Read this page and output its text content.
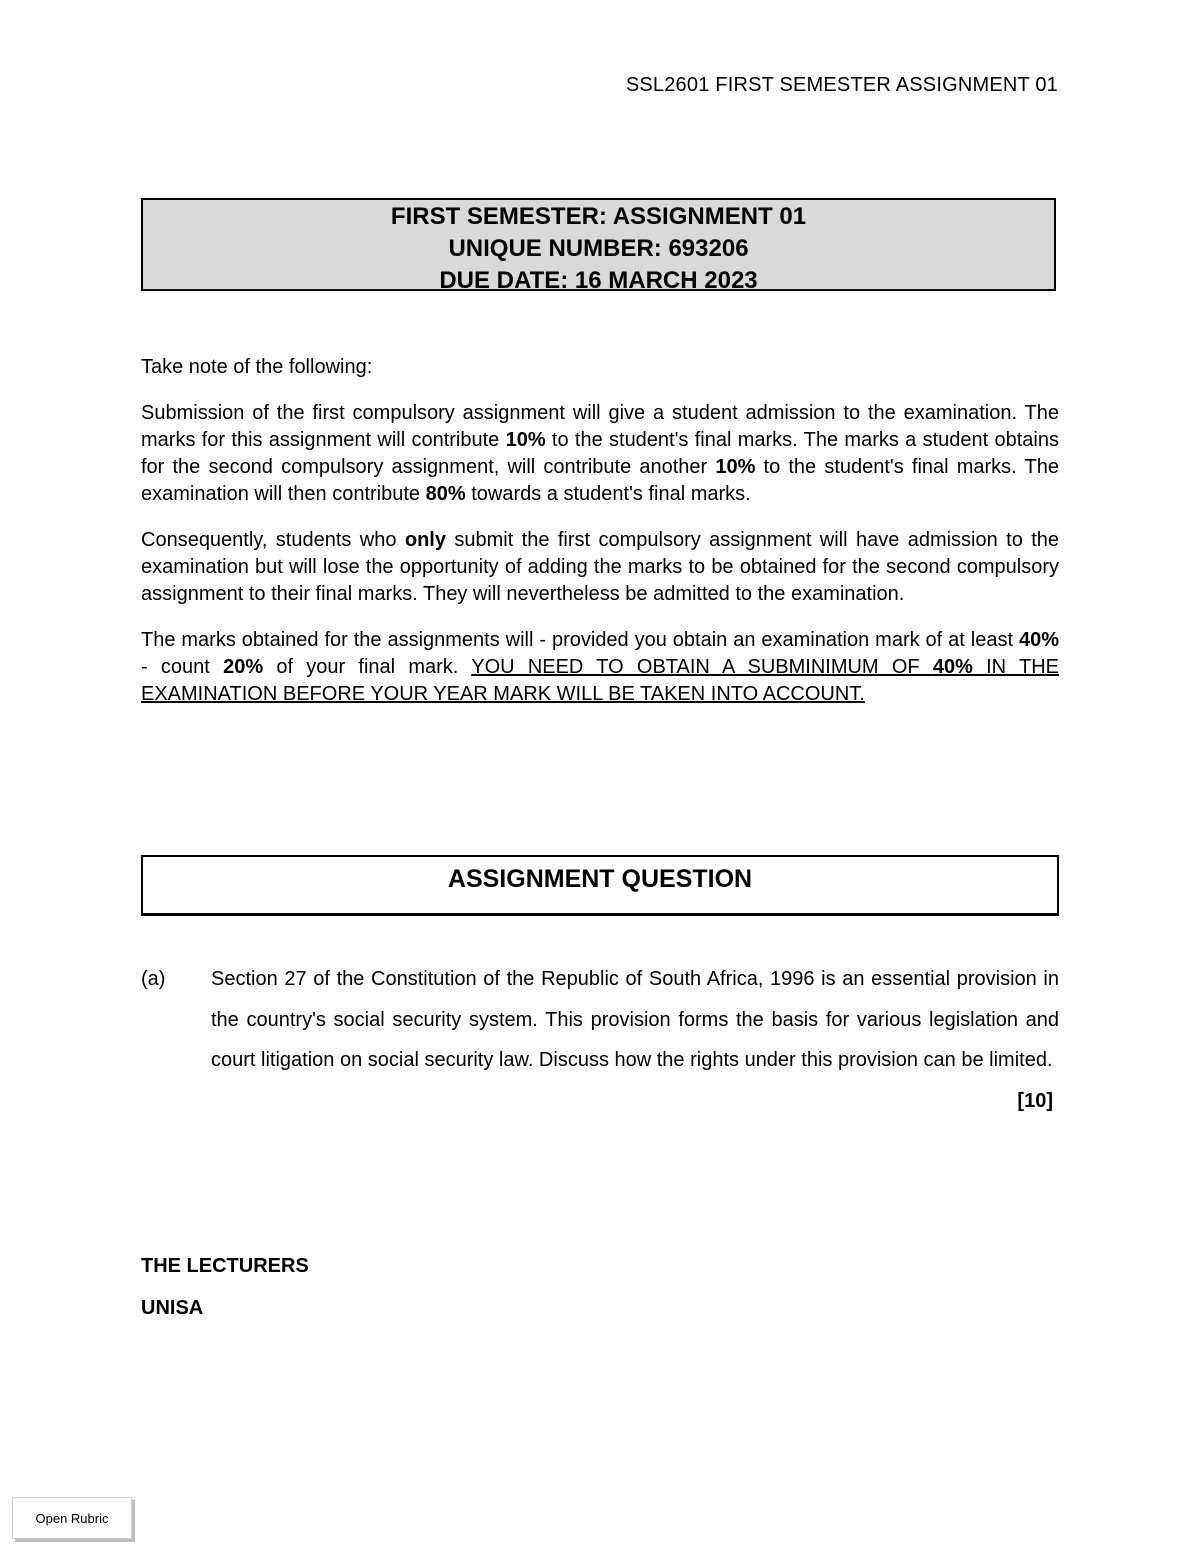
SSL2601 FIRST SEMESTER ASSIGNMENT 01
FIRST SEMESTER: ASSIGNMENT 01
UNIQUE NUMBER: 693206
DUE DATE: 16 MARCH 2023

Take note of the following:

Submission of the first compulsory assignment will give a student admission to the examination. The marks for this assignment will contribute 10% to the student's final marks. The marks a student obtains for the second compulsory assignment, will contribute another 10% to the student's final marks. The examination will then contribute 80% towards a student's final marks.

Consequently, students who only submit the first compulsory assignment will have admission to the examination but will lose the opportunity of adding the marks to be obtained for the second compulsory assignment to their final marks. They will nevertheless be admitted to the examination.

The marks obtained for the assignments will - provided you obtain an examination mark of at least 40% - count 20% of your final mark. YOU NEED TO OBTAIN A SUBMINIMUM OF 40% IN THE EXAMINATION BEFORE YOUR YEAR MARK WILL BE TAKEN INTO ACCOUNT.

ASSIGNMENT QUESTION
(a) Section 27 of the Constitution of the Republic of South Africa, 1996 is an essential provision in the country's social security system. This provision forms the basis for various legislation and court litigation on social security law. Discuss how the rights under this provision can be limited.
[10]
THE LECTURERS
UNISA
Open Rubric
